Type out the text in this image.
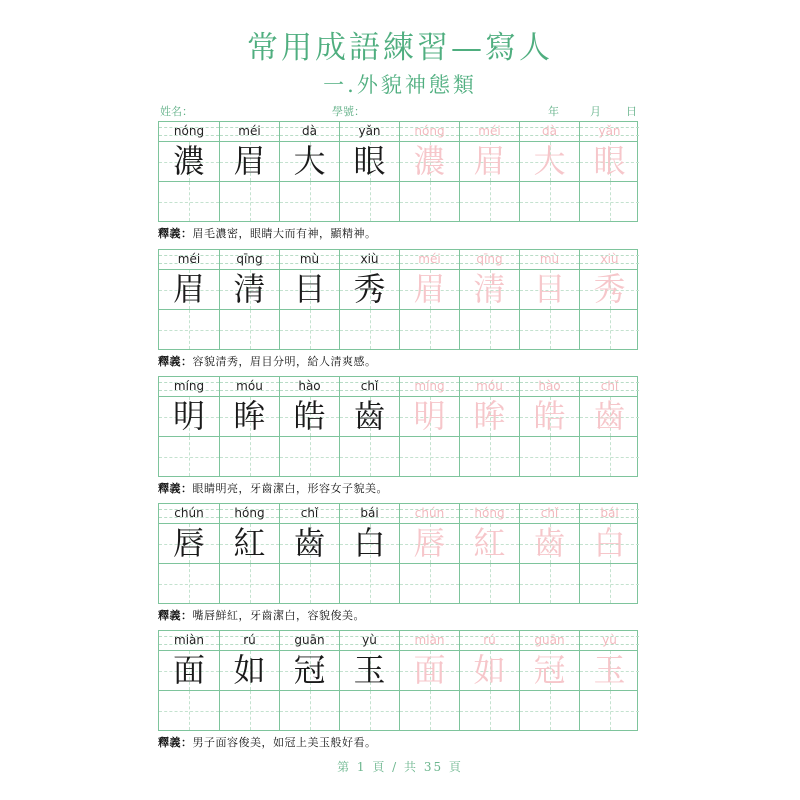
常用成語練習—寫人
一.外貌神態類
姓名：	學號：	年	月 日
nóng	méi	dà	yǎn	nóng	méi	dà	yǎn
濃 眉 大 眼 濃 眉 大 眼
釋義：眉毛濃密，眼睛大而有神，顯精神。
méi	qīng	mù	xiù	méi	qīng	mù	xiù
眉 清 目 秀 眉 清 目 秀
釋義：容貌清秀，眉目分明，給人清爽感。
míng	móu	hào	chǐ	míng	móu	hào	chǐ
明 眸 皓 齒 明 眸 皓 齒
釋義：眼睛明亮，牙齒潔白，形容女子貌美。
chún	hóng	chǐ	bái	chún	hóng	chǐ	bái
唇 紅 齒 白 唇 紅 齒 白
釋義：嘴唇鮮紅，牙齒潔白，容貌俊美。
miàn	rú	guān	yù	miàn	rú	guān	yù
面 如 冠 玉 面 如 冠 玉
釋義：男子面容俊美，如冠上美玉般好看。
第 1 頁 / 共 35 頁
